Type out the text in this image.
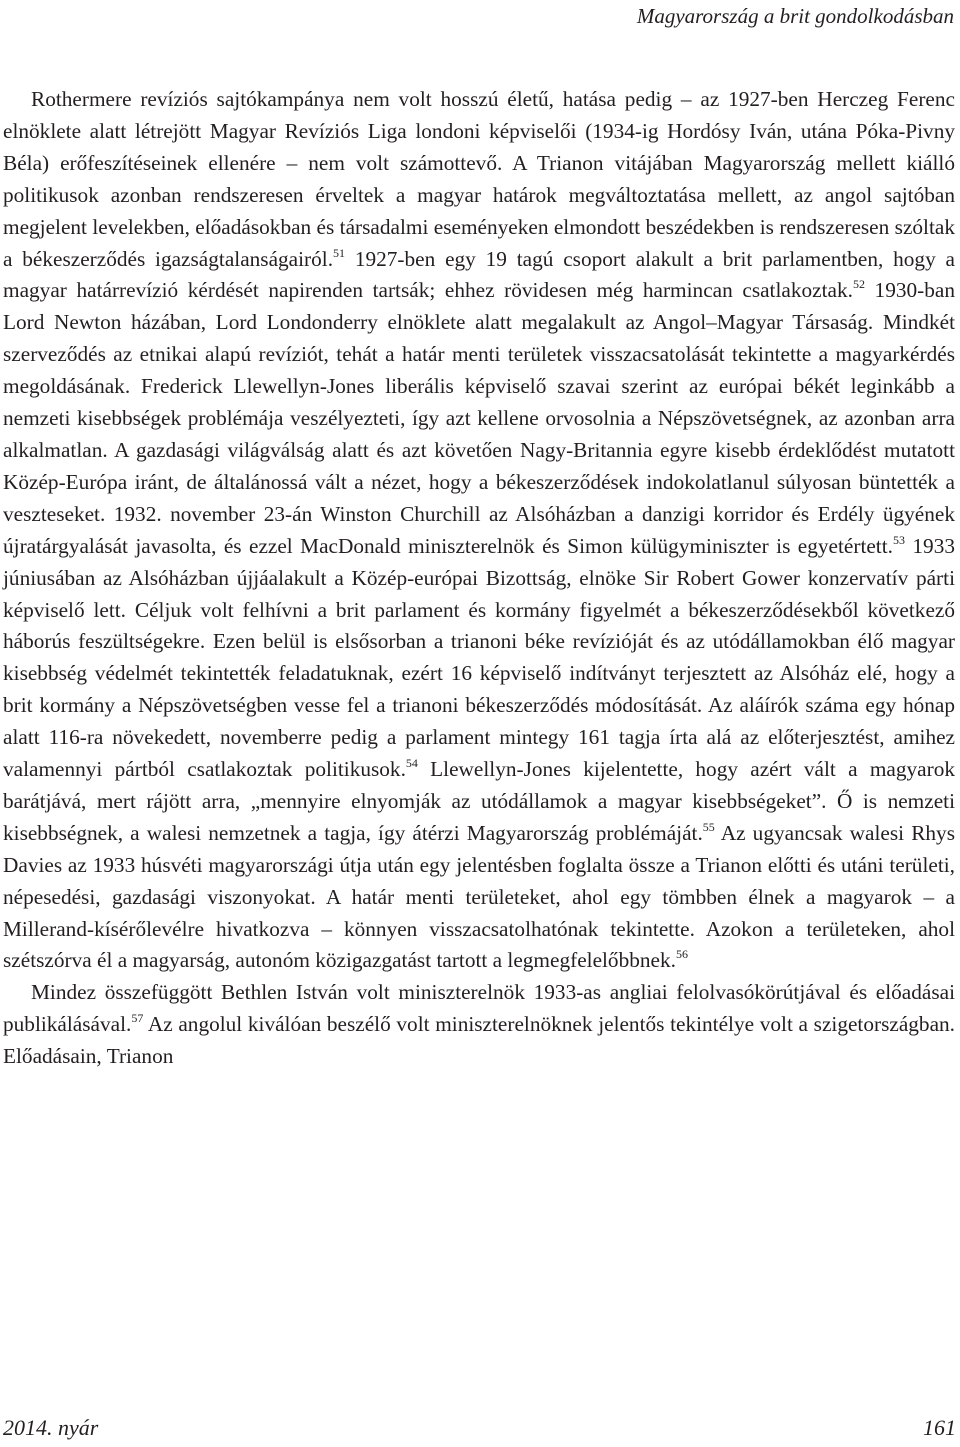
Magyarország a brit gondolkodásban

Rothermere revíziós sajtókampánya nem volt hosszú életű, hatása pedig – az 1927-ben Herczeg Ferenc elnöklete alatt létrejött Magyar Revíziós Liga londoni képviselői (1934-ig Hordósy Iván, utána Póka-Pivny Béla) erőfeszítéseinek ellenére – nem volt számottevő. A Trianon vitájában Magyarország mellett kiálló politikusok azonban rendszeresen érveltek a magyar határok megváltoztatása mellett, az angol sajtóban megjelent levelekben, előadásokban és társadalmi eseményeken elmondott beszédekben is rendszeresen szóltak a békeszerződés igazságtalanságairól.$^{51}$ 1927-ben egy 19 tagú csoport alakult a brit parlamentben, hogy a magyar határrevízió kérdését napirenden tartsák; ehhez rövidesen még harmincan csatlakoztak.$^{52}$ 1930-ban Lord Newton házában, Lord Londonderry elnöklete alatt megalakult az Angol–Magyar Társaság. Mindkét szerveződés az etnikai alapú revíziót, tehát a határ menti területek visszacsatolását tekintette a magyarkérdés megoldásának. Frederick Llewellyn-Jones liberális képviselő szavai szerint az európai békét leginkább a nemzeti kisebbségek problémája veszélyezteti, így azt kellene orvosolnia a Népszövetségnek, az azonban arra alkalmatlan. A gazdasági világválság alatt és azt követően Nagy-Britannia egyre kisebb érdeklődést mutatott Közép-Európa iránt, de általánossá vált a nézet, hogy a békeszerződések indokolatlanul súlyosan büntették a veszteseket. 1932. november 23-án Winston Churchill az Alsóházban a danzigi korridor és Erdély ügyének újratárgyalását javasolta, és ezzel MacDonald miniszterelnök és Simon külügyminiszter is egyetértett.$^{53}$ 1933 júniusában az Alsóházban újjáalakult a Közép-európai Bizottság, elnöke Sir Robert Gower konzervatív párti képviselő lett. Céljuk volt felhívni a brit parlament és kormány figyelmét a békeszerződésekből következő háborús feszültségekre. Ezen belül is elsősorban a trianoni béke revízióját és az utódállamokban élő magyar kisebbség védelmét tekintették feladatuknak, ezért 16 képviselő indítványt terjesztett az Alsóház elé, hogy a brit kormány a Népszövetségben vesse fel a trianoni békeszerződés módosítását. Az aláírók száma egy hónap alatt 116-ra növekedett, novemberre pedig a parlament mintegy 161 tagja írta alá az előterjesztést, amihez valamennyi pártból csatlakoztak politikusok.$^{54}$ Llewellyn-Jones kijelentette, hogy azért vált a magyarok barátjává, mert rájött arra, „mennyire elnyomják az utódállamok a magyar kisebbségeket”. Ő is nemzeti kisebbségnek, a walesi nemzetnek a tagja, így átérzi Magyarország problémáját.$^{55}$ Az ugyancsak walesi Rhys Davies az 1933 húsvéti magyarországi útja után egy jelentésben foglalta össze a Trianon előtti és utáni területi, népesedési, gazdasági viszonyokat. A határ menti területeket, ahol egy tömbben élnek a magyarok – a Millerand-kísérőlevélre hivatkozva – könnyen visszacsatolhatónak tekintette. Azokon a területeken, ahol szétszórva él a magyarság, autonóm közigazgatást tartott a legmegfelelőbbnek.$^{56}$

Mindez összefüggött Bethlen István volt miniszterelnök 1933-as angliai felolvasókörútjával és előadásai publikálásával.$^{57}$ Az angolul kiválóan beszélő volt miniszterelnöknek jelentős tekintélye volt a szigetországban. Előadásain, Trianon

2014. nyár	161
